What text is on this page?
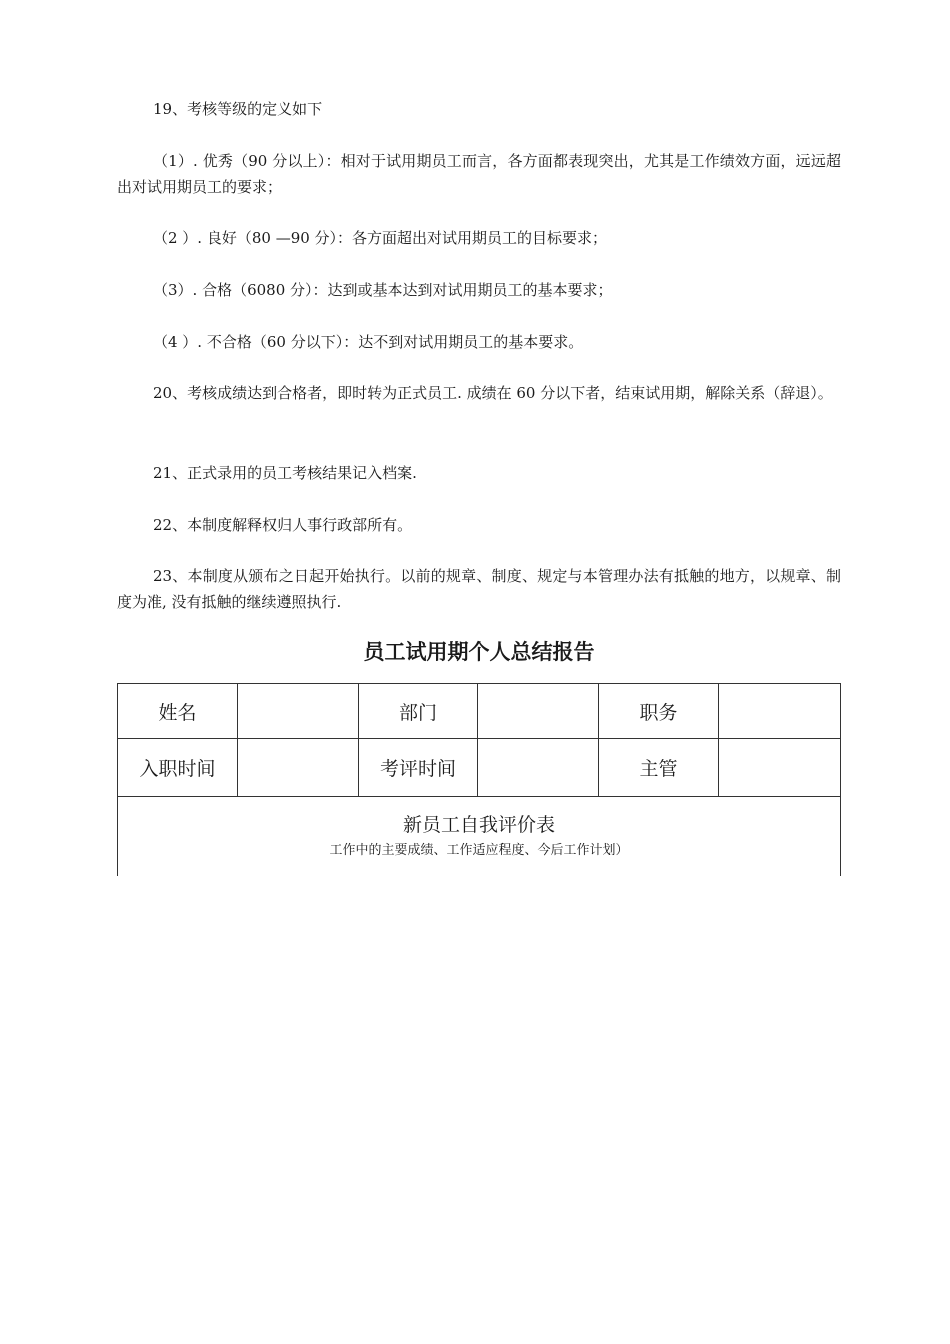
19、考核等级的定义如下

（1）. 优秀（90 分以上）：相对于试用期员工而言，各方面都表现突出，尤其是工作绩效方面，远远超出对试用期员工的要求；

（2 ）. 良好（80 —90 分）：各方面超出对试用期员工的目标要求；

（3）. 合格（6080 分）：达到或基本达到对试用期员工的基本要求；

（4 ）. 不合格（60 分以下）：达不到对试用期员工的基本要求。

20、考核成绩达到合格者，即时转为正式员工. 成绩在 60 分以下者，结束试用期，解除关系（辞退）。

21、正式录用的员工考核结果记入档案.

22、本制度解释权归人事行政部所有。

23、本制度从颁布之日起开始执行。以前的规章、制度、规定与本管理办法有抵触的地方，以规章、制度为准, 没有抵触的继续遵照执行.

员工试用期个人总结报告
姓名		部门		职务	
入职时间		考评时间		主管	
新员工自我评价表
工作中的主要成绩、工作适应程度、今后工作计划）
